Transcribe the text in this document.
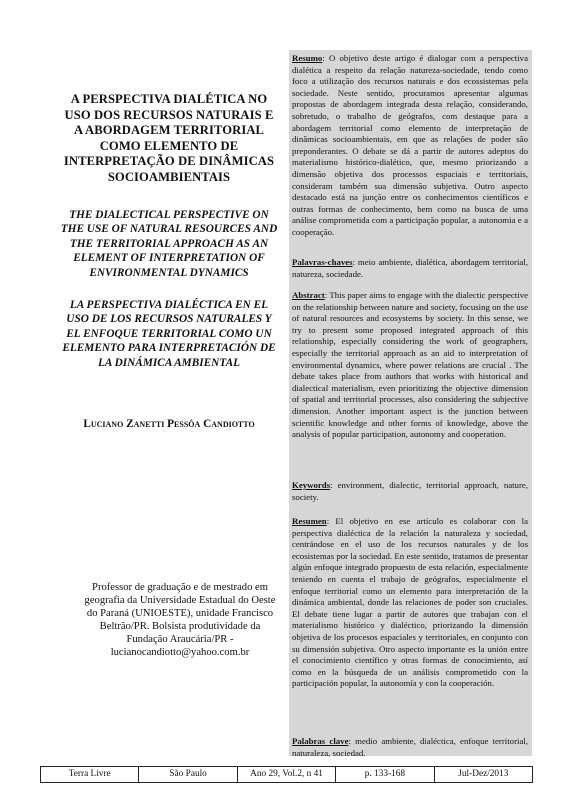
A PERSPECTIVA DIALÉTICA NO USO DOS RECURSOS NATURAIS E A ABORDAGEM TERRITORIAL COMO ELEMENTO DE INTERPRETAÇÃO DE DINÂMICAS SOCIOAMBIENTAIS
THE DIALECTICAL PERSPECTIVE ON THE USE OF NATURAL RESOURCES AND THE TERRITORIAL APPROACH AS AN ELEMENT OF INTERPRETATION OF ENVIRONMENTAL DYNAMICS
LA PERSPECTIVA DIALÉCTICA EN EL USO DE LOS RECURSOS NATURALES Y EL ENFOQUE TERRITORIAL COMO UN ELEMENTO PARA INTERPRETACIÓN DE LA DINÁMICA AMBIENTAL
Luciano Zanetti Pessôa Candiotto
Professor de graduação e de mestrado em geografia da Universidade Estadual do Oeste do Paraná (UNIOESTE), unidade Francisco Beltrão/PR. Bolsista produtividade da Fundação Araucária/PR - lucianocandiotto@yahoo.com.br
Resumo: O objetivo deste artigo é dialogar com a perspectiva dialética a respeito da relação natureza-sociedade, tendo como foco a utilização dos recursos naturais e dos ecossistemas pela sociedade. Neste sentido, procuramos apresentar algumas propostas de abordagem integrada desta relação, considerando, sobretudo, o trabalho de geógrafos, com destaque para a abordagem territorial como elemento de interpretação de dinâmicas socioambientais, em que as relações de poder são preponderantes. O debate se dá a partir de autores adeptos do materialismo histórico-dialético, que, mesmo priorizando a dimensão objetiva dos processos espaciais e territoriais, consideram também sua dimensão subjetiva. Outro aspecto destacado está na junção entre os conhecimentos científicos e outras formas de conhecimento, bem como na busca de uma análise comprometida com a participação popular, a autonomia e a cooperação.
Palavras-chaves: meio ambiente, dialética, abordagem territorial, natureza, sociedade.
Abstract: This paper aims to engage with the dialectic perspective on the relationship between nature and society, focusing on the use of natural resources and ecosystems by society. In this sense, we try to present some proposed integrated approach of this relationship, especially considering the work of geographers, especially the territorial approach as an aid to interpretation of environmental dynamics, where power relations are crucial . The debate takes place from authors that works with historical and dialectical materialism, even prioritizing the objective dimension of spatial and territorial processes, also considering the subjective dimension. Another important aspect is the junction between scientific knowledge and other forms of knowledge, above the analysis of popular participation, autonomy and cooperation.
Keywords: environment, dialectic, territorial approach, nature, society.
Resumen: El objetivo en ese artículo es colaborar con la perspectiva dialéctica de la relación la naturaleza y sociedad, centrándose en el uso de los recursos naturales y de los ecosistemas por la sociedad. En este sentido, tratamos de presentar algún enfoque integrado propuesto de esta relación, especialmente teniendo en cuenta el trabajo de geógrafos, especialmente el enfoque territorial como un elemento para interpretación de la dinámica ambiental, donde las relaciones de poder son cruciales. El debate tiene lugar a partir de autores que trabajan con el materialismo histórico y dialéctico, priorizando la dimensión objetiva de los procesos espaciales y territoriales, en conjunto con su dimensión subjetiva. Otro aspecto importante es la unión entre el conocimiento científico y otras formas de conocimiento, así como en la búsqueda de un análisis comprometido con la participación popular, la autonomía y con la cooperación.
Palabras clave: medio ambiente, dialéctica, enfoque territorial, naturaleza, sociedad.
Terra Livre	São Paulo	Ano 29, Vol.2, n 41	p. 133-168	Jul-Dez/2013
